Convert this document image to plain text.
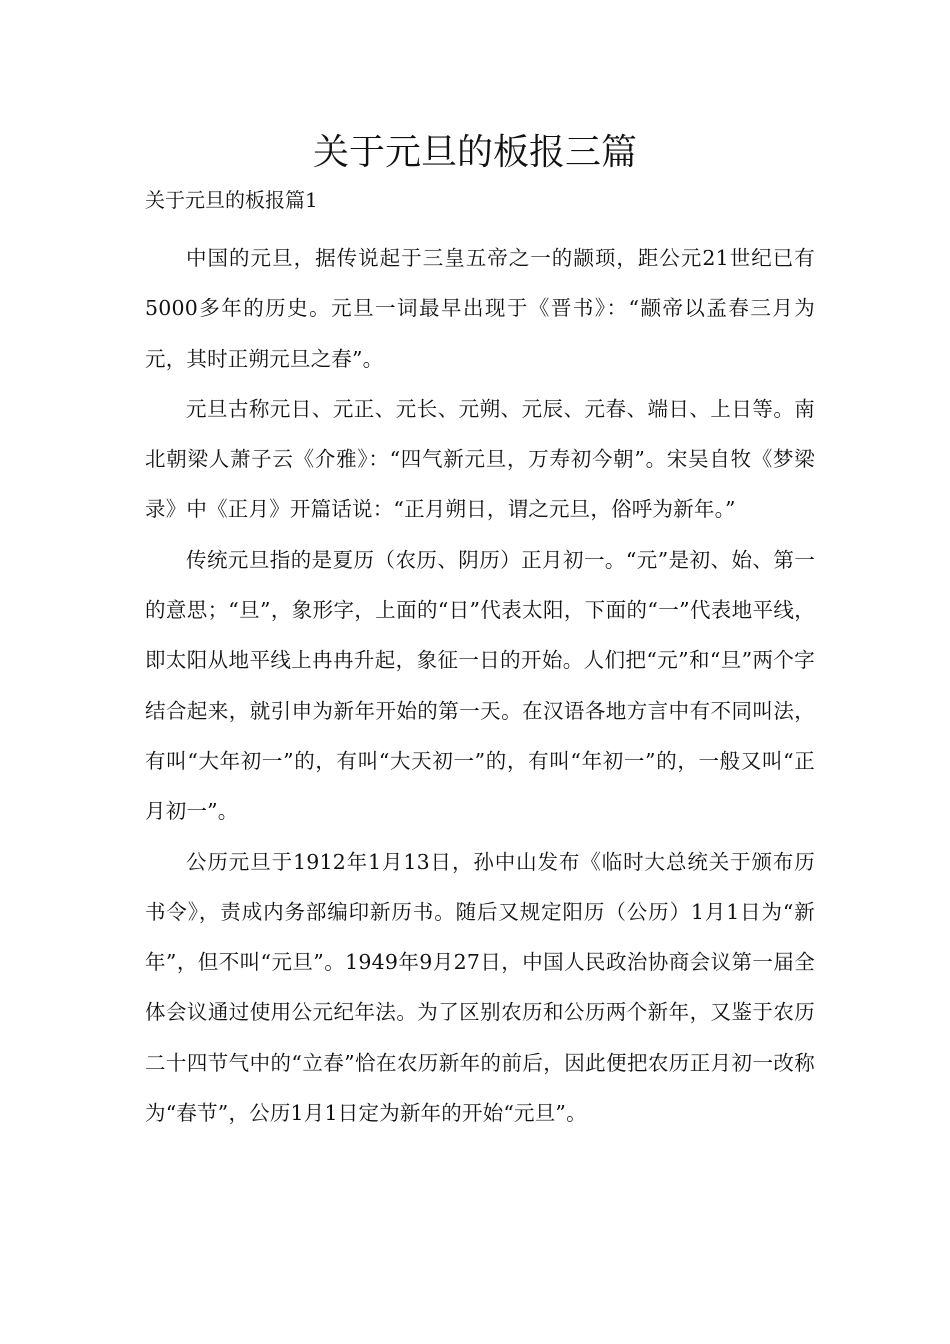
关于元旦的板报三篇

关于元旦的板报篇1

中国的元旦，据传说起于三皇五帝之一的颛顼，距公元21世纪已有5000多年的历史。元旦一词最早出现于《晋书》：“颛帝以孟春三月为元，其时正朔元旦之春”。

元旦古称元日、元正、元长、元朔、元辰、元春、端日、上日等。南北朝梁人萧子云《介雅》：“四气新元旦，万寿初今朝”。宋吴自牧《梦梁录》中《正月》开篇话说：“正月朔日，谓之元旦，俗呼为新年。”

传统元旦指的是夏历（农历、阴历）正月初一。“元”是初、始、第一的意思；“旦”，象形字，上面的“日”代表太阳，下面的“一”代表地平线，即太阳从地平线上冉冉升起，象征一日的开始。人们把“元”和“旦”两个字结合起来，就引申为新年开始的第一天。在汉语各地方言中有不同叫法，有叫“大年初一”的，有叫“大天初一”的，有叫“年初一”的，一般又叫“正月初一”。

公历元旦于1912年1月13日，孙中山发布《临时大总统关于颁布历书令》，责成内务部编印新历书。随后又规定阳历（公历）1月1日为“新年”，但不叫“元旦”。1949年9月27日，中国人民政治协商会议第一届全体会议通过使用公元纪年法。为了区别农历和公历两个新年，又鉴于农历二十四节气中的“立春”恰在农历新年的前后，因此便把农历正月初一改称为“春节”，公历1月1日定为新年的开始“元旦”。
